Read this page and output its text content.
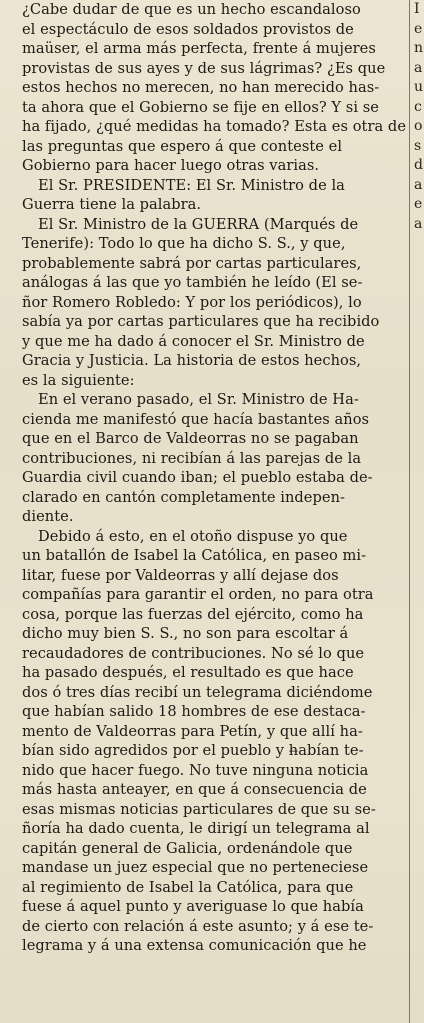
¿Cabe dudar de que es un hecho escandaloso
el espectáculo de esos soldados provistos de
maüser, el arma más perfecta, frente á mujeres
provistas de sus ayes y de sus lágrimas? ¿Es que
estos hechos no merecen, no han merecido has-
ta ahora que el Gobierno se fije en ellos? Y si se
ha fijado, ¿qué medidas ha tomado? Esta es otra de
las preguntas que espero á que conteste el
Gobierno para hacer luego otras varias.
El Sr. PRESIDENTE: El Sr. Ministro de la
Guerra tiene la palabra.
El Sr. Ministro de la GUERRA (Marqués de
Tenerife): Todo lo que ha dicho S. S., y que,
probablemente sabrá por cartas particulares,
análogas á las que yo también he leído (El se-
ñor Romero Robledo: Y por los periódicos), lo
sabía ya por cartas particulares que ha recibido
y que me ha dado á conocer el Sr. Ministro de
Gracia y Justicia. La historia de estos hechos,
es la siguiente:
En el verano pasado, el Sr. Ministro de Ha-
cienda me manifestó que hacía bastantes años
que en el Barco de Valdeorras no se pagaban
contribuciones, ni recibían á las parejas de la
Guardia civil cuando iban; el pueblo estaba de-
clarado en cantón completamente indepen-
diente.
Debido á esto, en el otoño dispuse yo que
un batallón de Isabel la Católica, en paseo mi-
litar, fuese por Valdeorras y allí dejase dos
compañías para garantir el orden, no para otra
cosa, porque las fuerzas del ejército, como ha
dicho muy bien S. S., no son para escoltar á
recaudadores de contribuciones. No sé lo que
ha pasado después, el resultado es que hace
dos ó tres días recibí un telegrama diciéndome
que habían salido 18 hombres de ese destaca-
mento de Valdeorras para Petín, y que allí ha-
bían sido agredidos por el pueblo y h̶abían te-
nido que hacer fuego. No tuve ninguna noticia
más hasta anteayer, en que á consecuencia de
esas mismas noticias particulares de que su se-
ñoría ha dado cuenta, le dirigí un telegrama al
capitán general de Galicia, ordenándole que
mandase un juez especial que no perteneciese
al regimiento de Isabel la Católica, para que
fuese á aquel punto y averiguase lo que había
de cierto con relación á este asunto; y á ese te-
legrama y á una extensa comunicación que he
I
e
n
a
u
c
o
s
d
a
e
a
